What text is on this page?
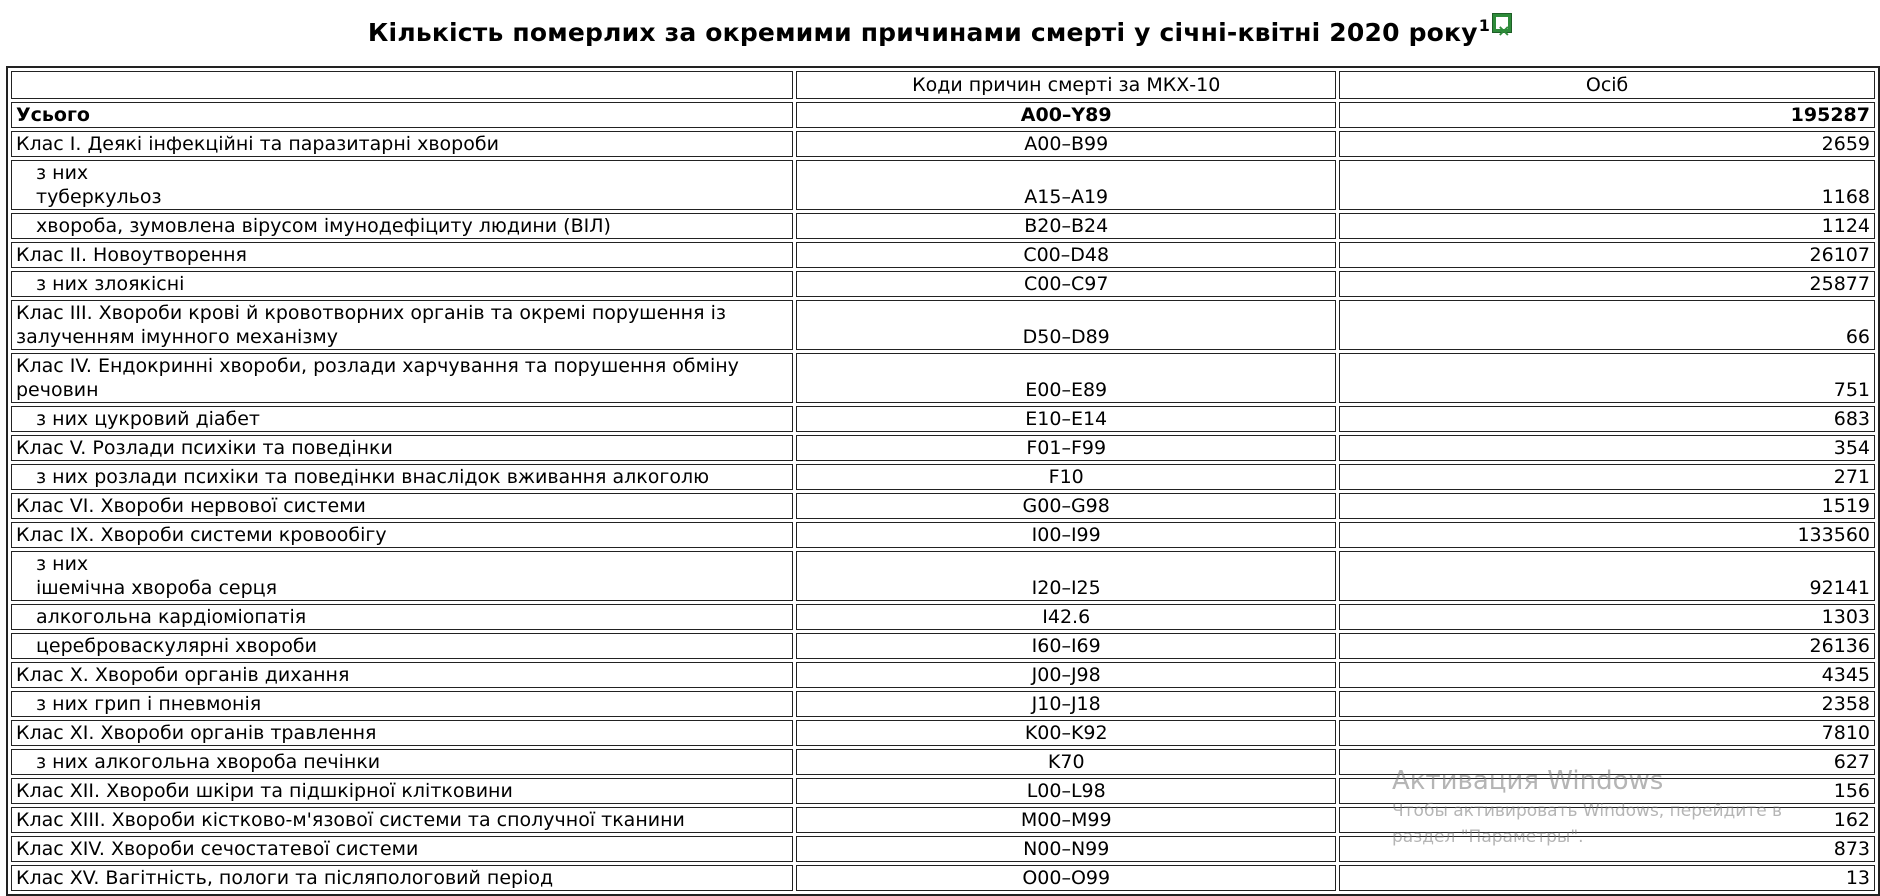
Кількість померлих за окремими причинами смерті у січні-квітні 2020 року$^1$×
	Коди причин смерті за МКХ-10	Осіб
Усього	A00–Y89	195287
Клас I. Деякі інфекційні та паразитарні хвороби	A00–B99	2659

з них
туберкульоз	A15–A19	1168
хвороба, зумовлена вірусом імунодефіциту людини (ВІЛ)	B20–B24	1124
Клас II. Новоутворення	C00–D48	26107
з них злоякісні	C00–C97	25877
Клас III. Хвороби крові й кровотворних органів та окремі порушення із залученням імунного механізму	D50–D89	66
Клас IV. Ендокринні хвороби, розлади харчування та порушення обміну речовин	E00–E89	751
з них цукровий діабет	E10–E14	683
Клас V. Розлади психіки та поведінки	F01–F99	354
з них розлади психіки та поведінки внаслідок вживання алкоголю	F10	271
Клас VI. Хвороби нервової системи	G00–G98	1519
Клас IX. Хвороби системи кровообігу	I00–I99	133560

з них
ішемічна хвороба серця	I20–I25	92141
алкогольна кардіоміопатія	I42.6	1303
цереброваскулярні хвороби	I60–I69	26136
Клас X. Хвороби органів дихання	J00–J98	4345
з них грип і пневмонія	J10–J18	2358
Клас XI. Хвороби органів травлення	K00–K92	7810
з них алкогольна хвороба печінки	K70	627
Клас XII. Хвороби шкіри та підшкірної клітковини	L00–L98	156
Клас XIII. Хвороби кістково-м'язової системи та сполучної тканини	M00–M99	162
Клас XIV. Хвороби сечостатевої системи	N00–N99	873
Клас XV. Вагітність, пологи та післяпологовий період	O00–O99	13
Активация Windows
Чтобы активировать Windows, перейдите в
раздел "Параметры".
